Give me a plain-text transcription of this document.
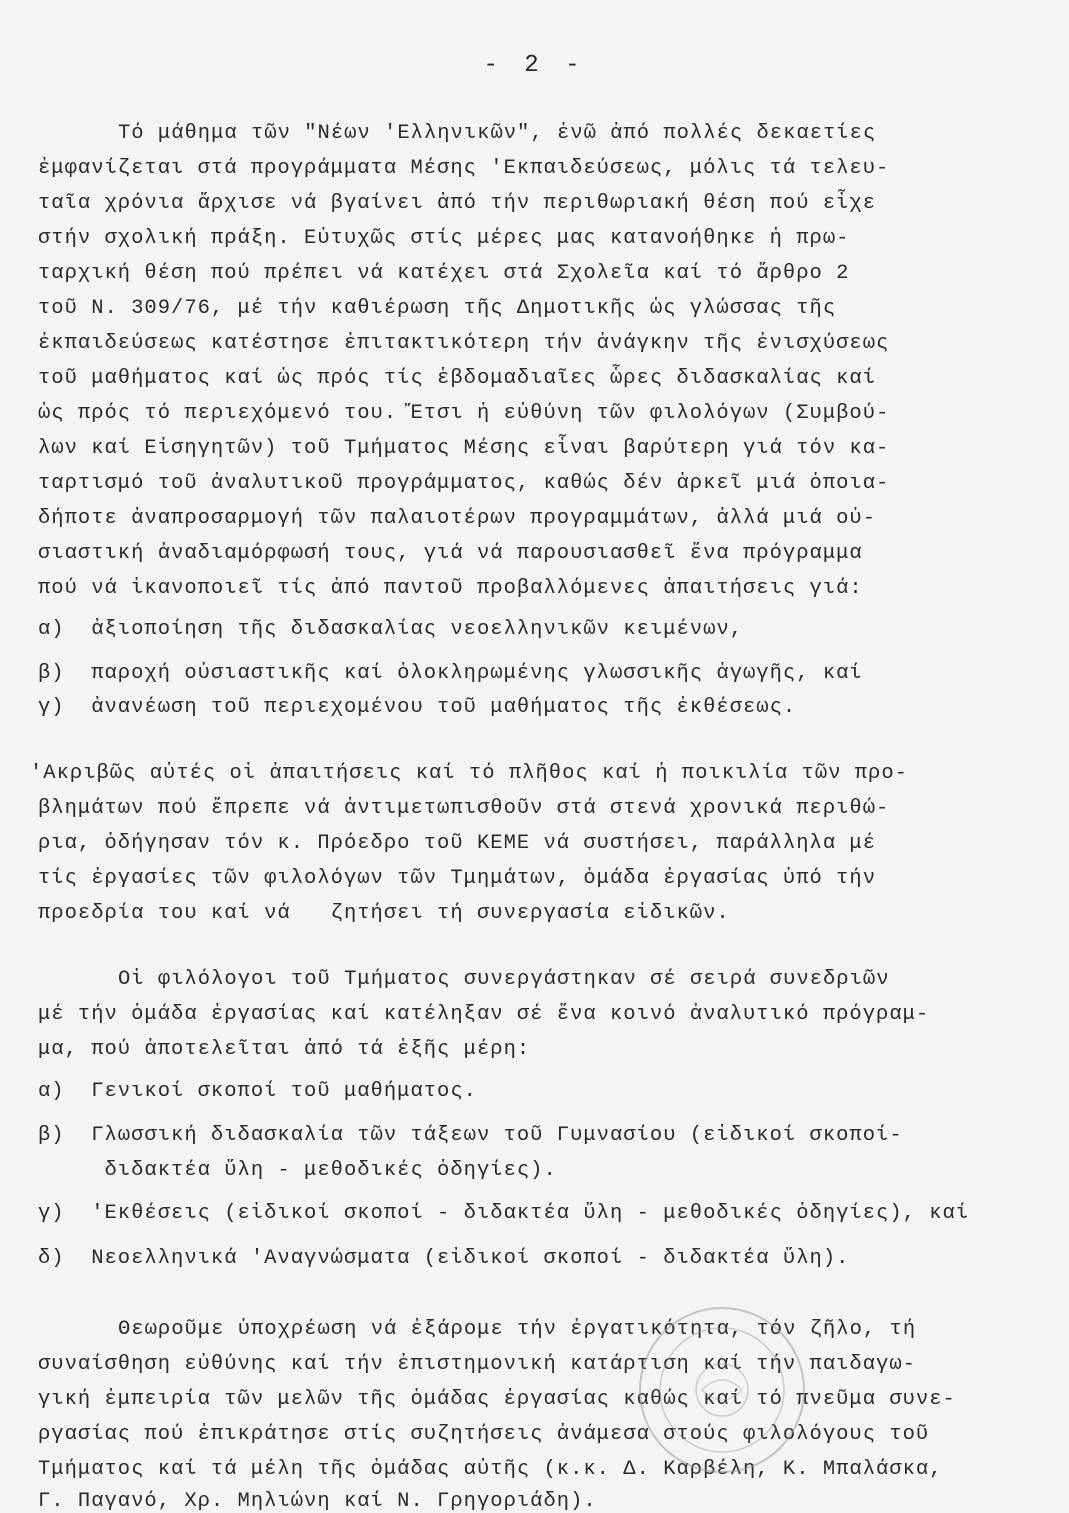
- 2 -
Τό μάθημα τῶν "Νέων 'Ελληνικῶν", ἐνῶ ἀπό πολλές δεκαετίες
ἐμφανίζεται στά προγράμματα Μέσης 'Εκπαιδεύσεως, μόλις τά τελευ-
ταῖα χρόνια ἄρχισε νά βγαίνει ἀπό τήν περιθωριακή θέση πού εἶχε
στήν σχολική πράξη. Εὐτυχῶς στίς μέρες μας κατανοήθηκε ἡ πρω-
ταρχική θέση πού πρέπει νά κατέχει στά Σχολεῖα καί τό ἄρθρο 2
τοῦ Ν. 309/76, μέ τήν καθιέρωση τῆς Δημοτικῆς ὡς γλώσσας τῆς
ἐκπαιδεύσεως κατέστησε ἐπιτακτικότερη τήν ἀνάγκην τῆς ἐνισχύσεως
τοῦ μαθήματος καί ὡς πρός τίς ἑβδομαδιαῖες ὧρες διδασκαλίας καί
ὡς πρός τό περιεχόμενό του. Ἔτσι ἡ εὐθύνη τῶν φιλολόγων (Συμβού-
λων καί Εἰσηγητῶν) τοῦ Τμήματος Μέσης εἶναι βαρύτερη γιά τόν κα-
ταρτισμό τοῦ ἀναλυτικοῦ προγράμματος, καθώς δέν ἀρκεῖ μιά ὁποια-
δήποτε ἀναπροσαρμογή τῶν παλαιοτέρων προγραμμάτων, ἀλλά μιά οὐ-
σιαστική ἀναδιαμόρφωσή τους, γιά νά παρουσιασθεῖ ἕνα πρόγραμμα
πού νά ἱκανοποιεῖ τίς ἀπό παντοῦ προβαλλόμενες ἀπαιτήσεις γιά:
α)  ἀξιοποίηση τῆς διδασκαλίας νεοελληνικῶν κειμένων,
β)  παροχή οὐσιαστικῆς καί ὁλοκληρωμένης γλωσσικῆς ἀγωγῆς, καί
γ)  ἀνανέωση τοῦ περιεχομένου τοῦ μαθήματος τῆς ἐκθέσεως.
'Ακριβῶς αὐτές οἱ ἀπαιτήσεις καί τό πλῆθος καί ἡ ποικιλία τῶν προ-
βλημάτων πού ἔπρεπε νά ἀντιμετωπισθοῦν στά στενά χρονικά περιθώ-
ρια, ὁδήγησαν τόν κ. Πρόεδρο τοῦ ΚΕΜΕ νά συστήσει, παράλληλα μέ
τίς ἐργασίες τῶν φιλολόγων τῶν Τμημάτων, ὁμάδα ἐργασίας ὑπό τήν
προεδρία του καί νά   ζητήσει τή συνεργασία εἰδικῶν.
Οἱ φιλόλογοι τοῦ Τμήματος συνεργάστηκαν σέ σειρά συνεδριῶν
μέ τήν ὁμάδα ἐργασίας καί κατέληξαν σέ ἕνα κοινό ἀναλυτικό πρόγραμ-
μα, πού ἀποτελεῖται ἀπό τά ἑξῆς μέρη:
α)  Γενικοί σκοποί τοῦ μαθήματος.
β)  Γλωσσική διδασκαλία τῶν τάξεων τοῦ Γυμνασίου (εἰδικοί σκοποί-
διδακτέα ὕλη - μεθοδικές ὁδηγίες).
γ)  'Εκθέσεις (εἰδικοί σκοποί - διδακτέα ὕλη - μεθοδικές ὁδηγίες), καί
δ)  Νεοελληνικά 'Αναγνώσματα (εἰδικοί σκοποί - διδακτέα ὕλη).
Θεωροῦμε ὑποχρέωση νά ἐξάρομε τήν ἐργατικότητα, τόν ζῆλο, τή
συναίσθηση εὐθύνης καί τήν ἐπιστημονική κατάρτιση καί τήν παιδαγω-
γική ἐμπειρία τῶν μελῶν τῆς ὁμάδας ἐργασίας καθώς καί τό πνεῦμα συνε-
ργασίας πού ἐπικράτησε στίς συζητήσεις ἀνάμεσα στούς φιλολόγους τοῦ
Τμήματος καί τά μέλη τῆς ὁμάδας αὐτῆς (κ.κ. Δ. Καρβέλη, Κ. Μπαλάσκα,
Γ. Παγανό, Χρ. Μηλιώνη καί Ν. Γρηγοριάδη).
